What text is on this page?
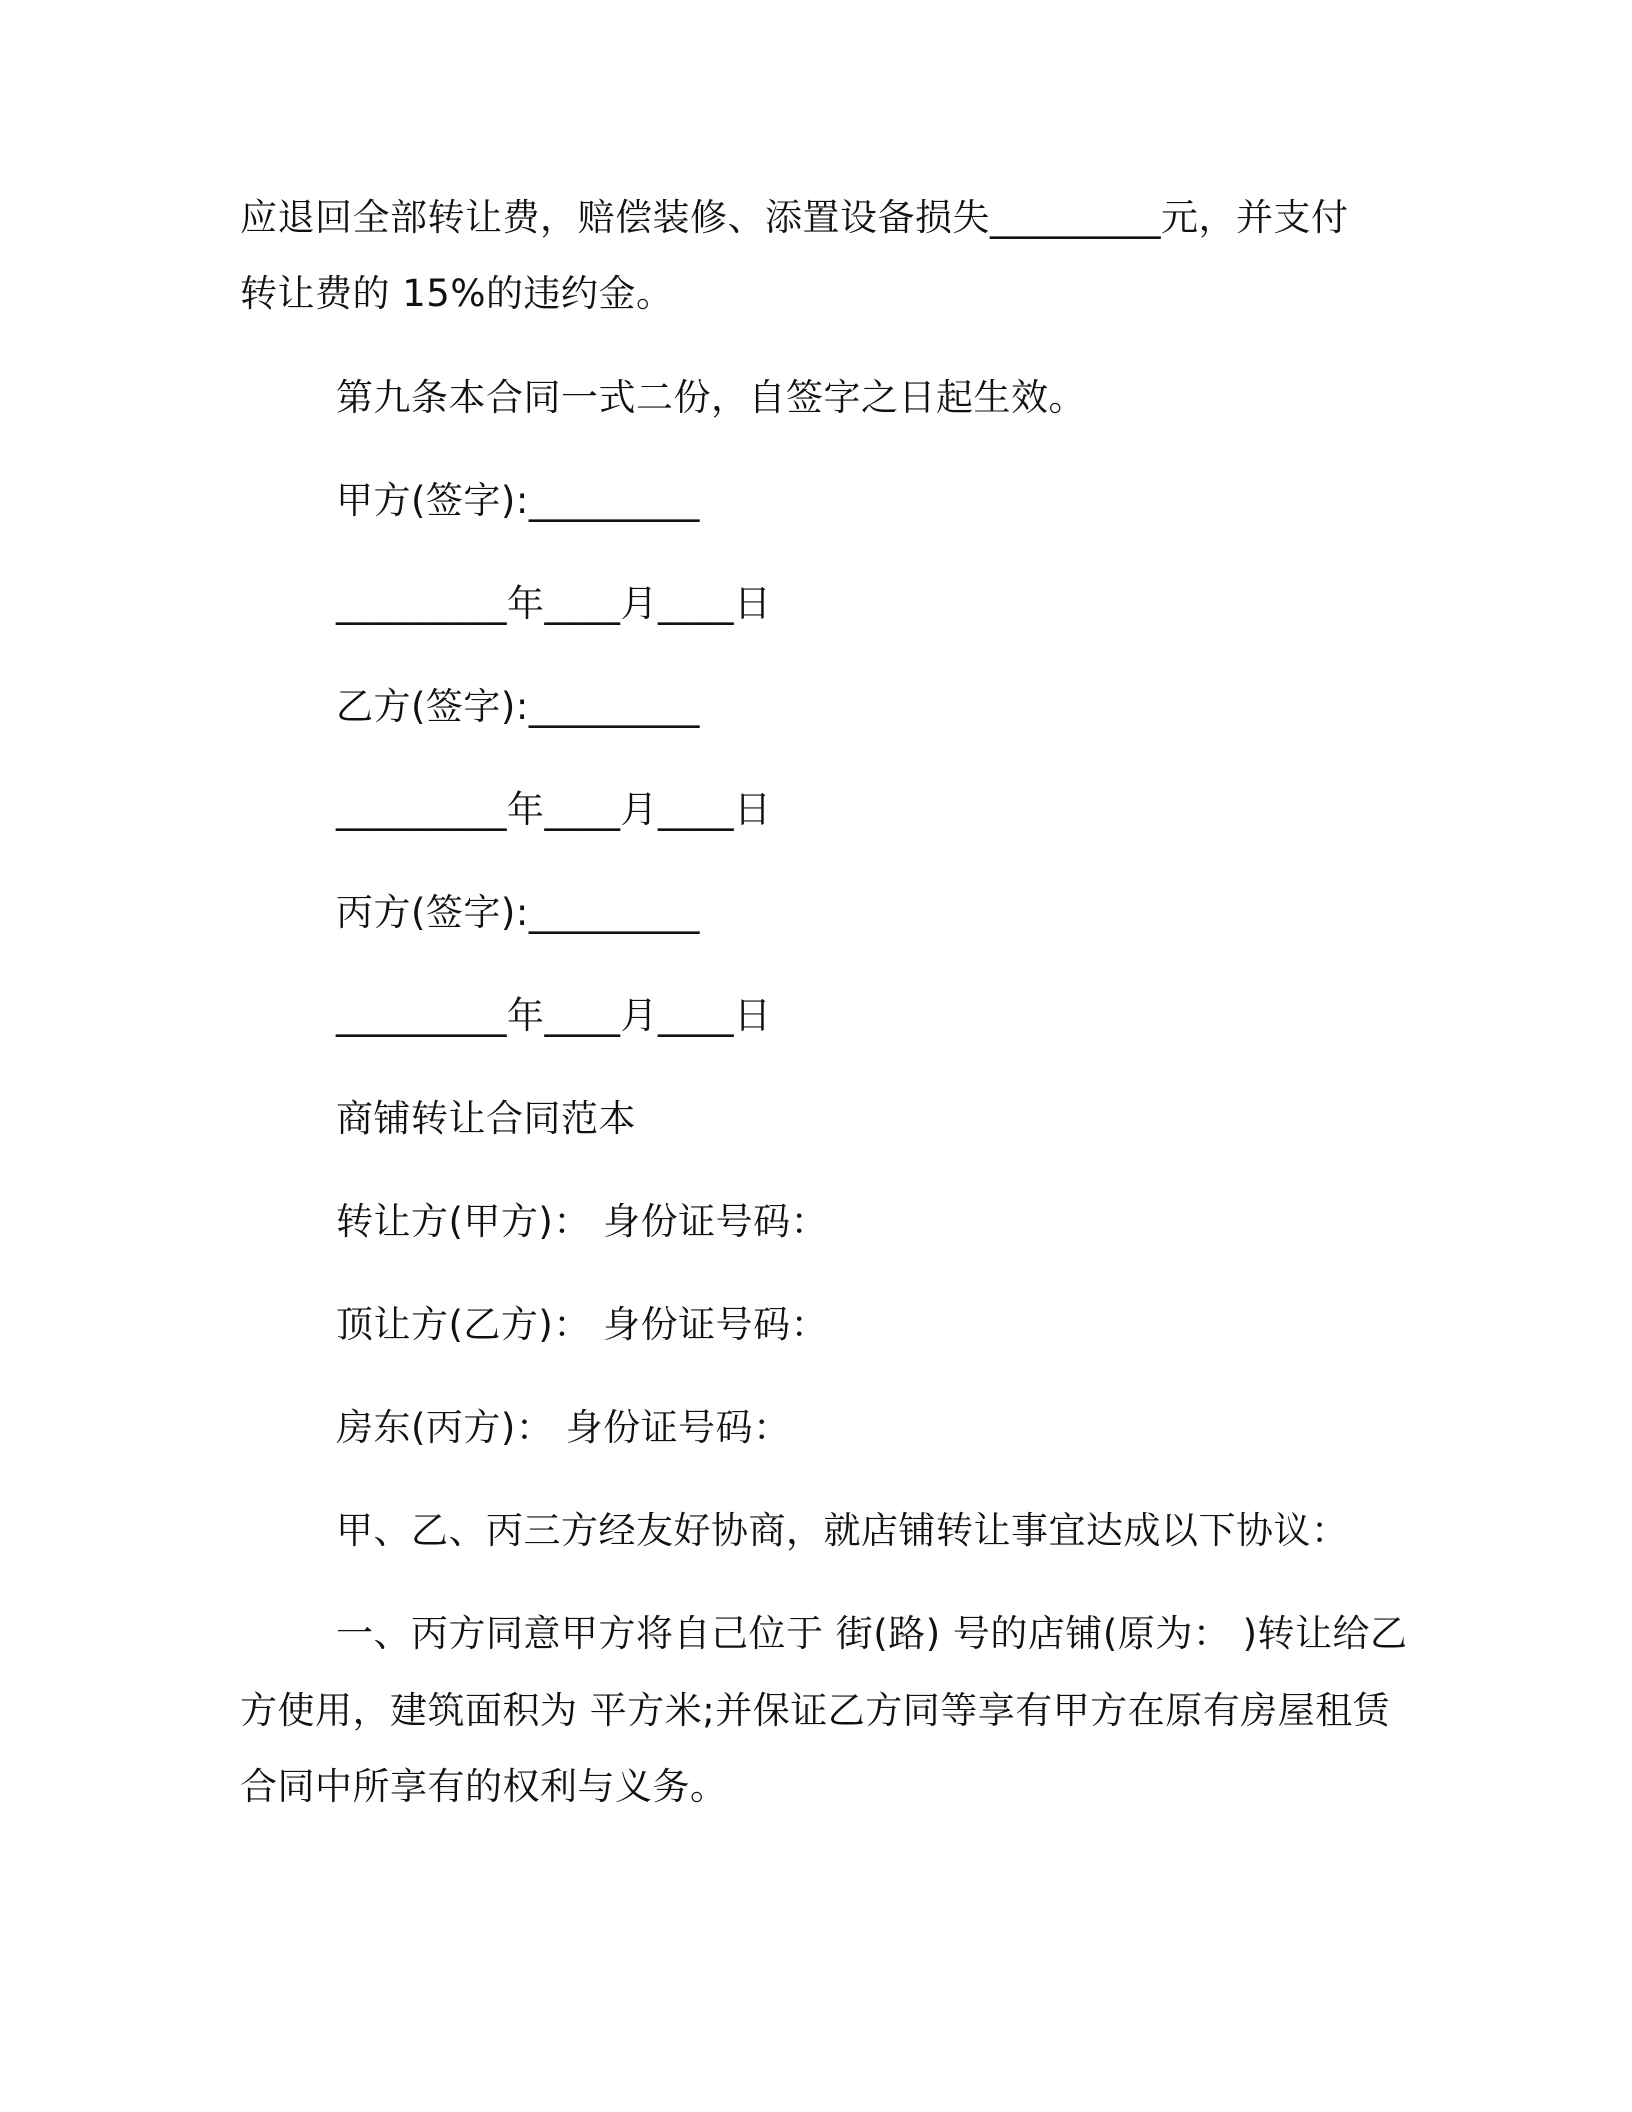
应退回全部转让费，赔偿装修、添置设备损失_________元，并支付

转让费的 15%的违约金。

第九条本合同一式二份，自签字之日起生效。

甲方(签字):_________

_________年____月____日

乙方(签字):_________

_________年____月____日

丙方(签字):_________

_________年____月____日

商铺转让合同范本

转让方(甲方)： 身份证号码：

顶让方(乙方)： 身份证号码：

房东(丙方)： 身份证号码：

甲、乙、丙三方经友好协商，就店铺转让事宜达成以下协议：

一、丙方同意甲方将自己位于 街(路) 号的店铺(原为： )转让给乙

方使用，建筑面积为 平方米;并保证乙方同等享有甲方在原有房屋租赁

合同中所享有的权利与义务。
